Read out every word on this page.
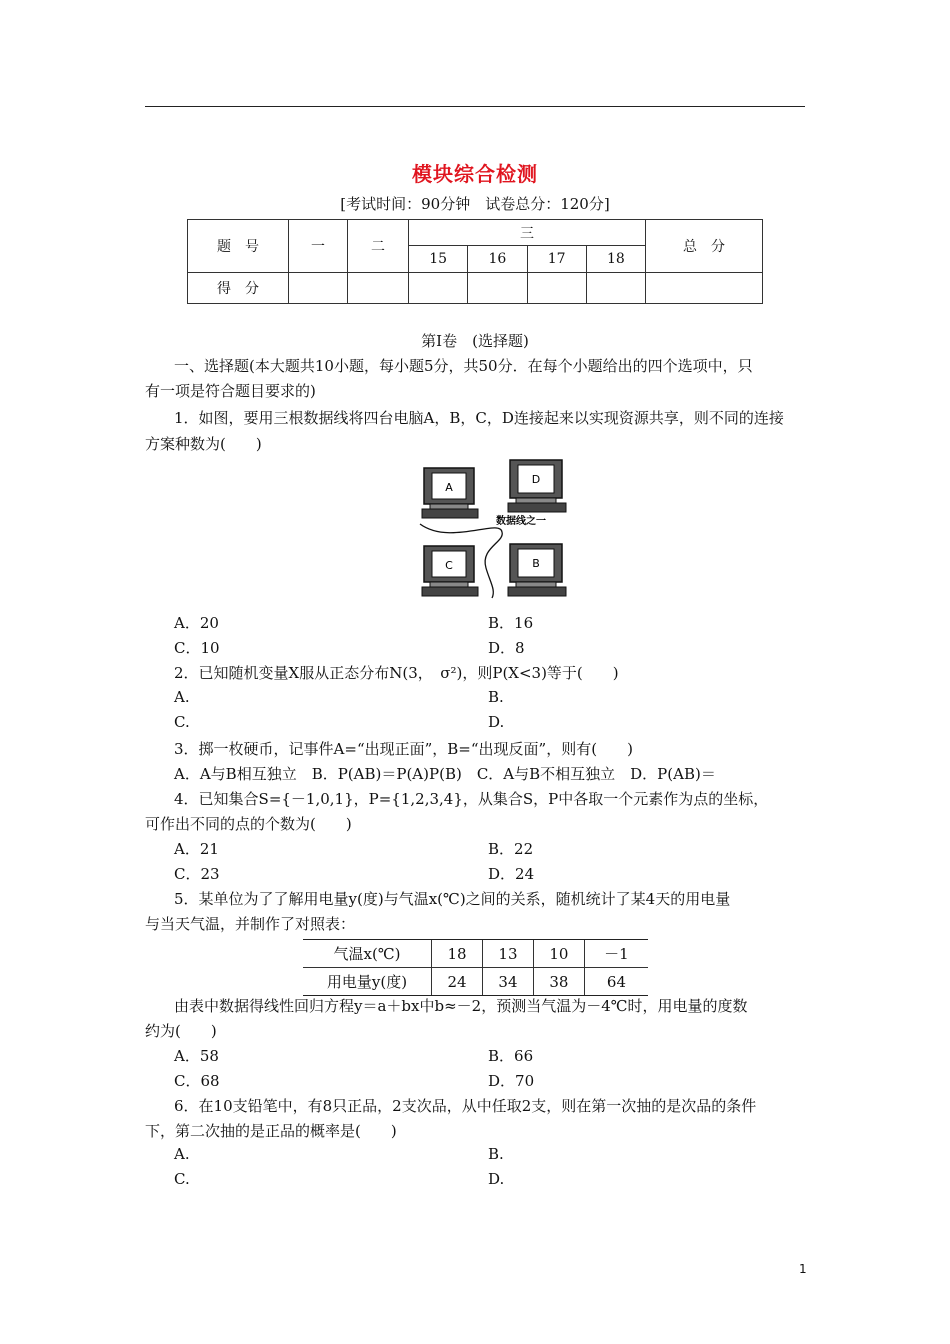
模块综合检测
[考试时间：90分钟　试卷总分：120分]
题　号	一	二	三				总　分
			15	16	17	18	
得　分							
第Ⅰ卷　(选择题)
一、选择题(本大题共10小题，每小题5分，共50分．在每个小题给出的四个选项中，只
有一项是符合题目要求的)
1．如图，要用三根数据线将四台电脑A，B，C，D连接起来以实现资源共享，则不同的连接
方案种数为(　　)
A
D
C	B
数据线之一
A．20	B．16
C．10	D．8
2．已知随机变量X服从正态分布N(3，　σ²)，则P(X<3)等于(　　)
A.	B.
C.	D.
3．掷一枚硬币，记事件A=“出现正面”，B=“出现反面”，则有(　　)
A．A与B相互独立　B．P(AB)＝P(A)P(B)　C．A与B不相互独立　D．P(AB)＝
4．已知集合S={－1,0,1}，P={1,2,3,4}，从集合S，P中各取一个元素作为点的坐标，
可作出不同的点的个数为(　　)
A．21	B．22
C．23	D．24
5．某单位为了了解用电量y(度)与气温x(℃)之间的关系，随机统计了某4天的用电量
与当天气温，并制作了对照表：
气温x(℃)	18	13	10	－1
用电量y(度)	24	34	38	64
由表中数据得线性回归方程y＝a＋bx中b≈－2，预测当气温为－4℃时，用电量的度数
约为(　　)
A．58	B．66
C．68	D．70
6．在10支铅笔中，有8只正品，2支次品，从中任取2支，则在第一次抽的是次品的条件
下，第二次抽的是正品的概率是(　　)
A.	B.
C.	D.
1
